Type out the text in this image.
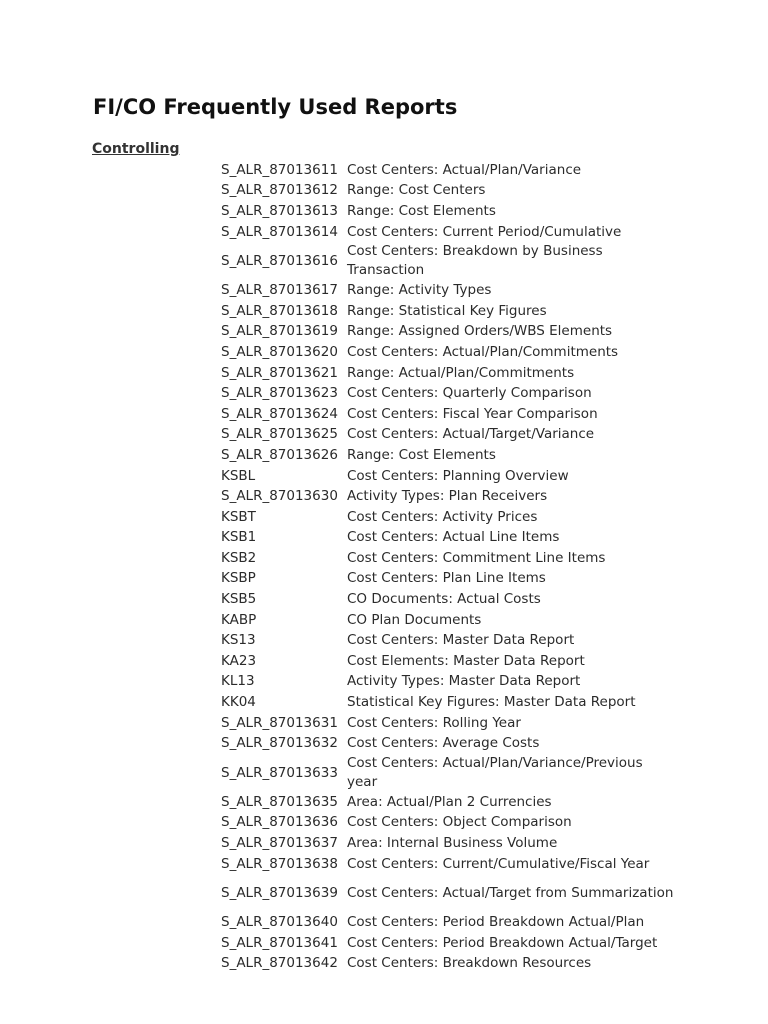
FI/CO Frequently Used Reports
Controlling
S_ALR_87013611	Cost Centers: Actual/Plan/Variance
S_ALR_87013612	Range: Cost Centers
S_ALR_87013613	Range: Cost Elements
S_ALR_87013614	Cost Centers: Current Period/Cumulative
S_ALR_87013616	Cost Centers: Breakdown by Business Transaction
S_ALR_87013617	Range: Activity Types
S_ALR_87013618	Range: Statistical Key Figures
S_ALR_87013619	Range: Assigned Orders/WBS Elements
S_ALR_87013620	Cost Centers: Actual/Plan/Commitments
S_ALR_87013621	Range: Actual/Plan/Commitments
S_ALR_87013623	Cost Centers: Quarterly Comparison
S_ALR_87013624	Cost Centers: Fiscal Year Comparison
S_ALR_87013625	Cost Centers: Actual/Target/Variance
S_ALR_87013626	Range: Cost Elements
KSBL	Cost Centers: Planning Overview
S_ALR_87013630	Activity Types: Plan Receivers
KSBT	Cost Centers: Activity Prices
KSB1	Cost Centers: Actual Line Items
KSB2	Cost Centers: Commitment Line Items
KSBP	Cost Centers: Plan Line Items
KSB5	CO Documents: Actual Costs
KABP	CO Plan Documents
KS13	Cost Centers: Master Data Report
KA23	Cost Elements: Master Data Report
KL13	Activity Types: Master Data Report
KK04	Statistical Key Figures: Master Data Report
S_ALR_87013631	Cost Centers: Rolling Year
S_ALR_87013632	Cost Centers: Average Costs
S_ALR_87013633	Cost Centers: Actual/Plan/Variance/Previous year
S_ALR_87013635	Area: Actual/Plan 2 Currencies
S_ALR_87013636	Cost Centers: Object Comparison
S_ALR_87013637	Area: Internal Business Volume
S_ALR_87013638	Cost Centers: Current/Cumulative/Fiscal Year
S_ALR_87013639	Cost Centers: Actual/Target from Summarization
S_ALR_87013640	Cost Centers: Period Breakdown Actual/Plan
S_ALR_87013641	Cost Centers: Period Breakdown Actual/Target
S_ALR_87013642	Cost Centers: Breakdown Resources
